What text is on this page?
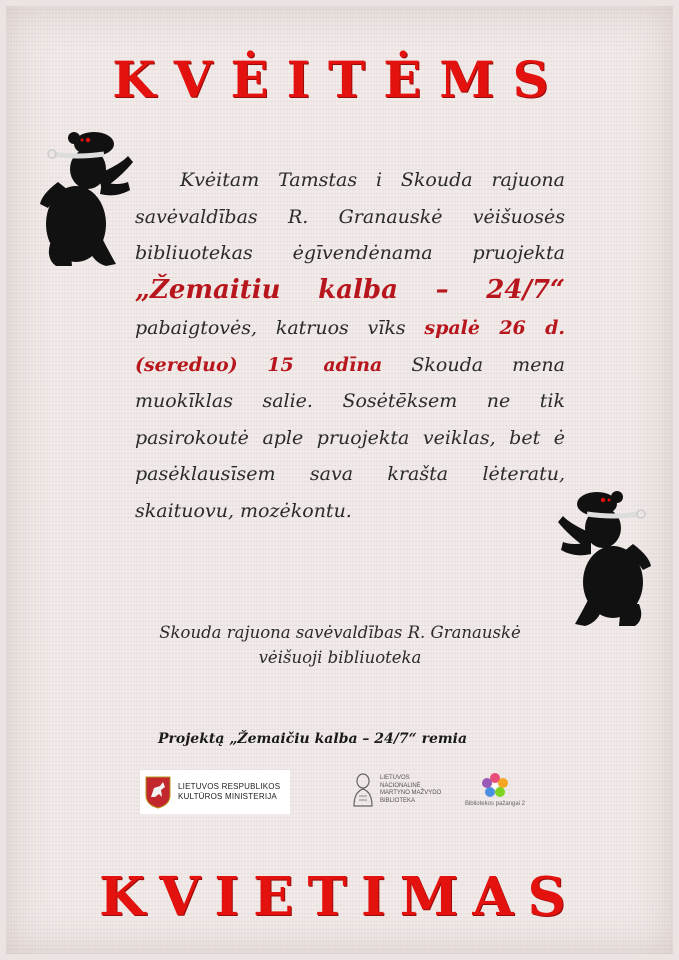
KVĖITĖMS

Kvėitam Tamstas i Skouda rajuona savėvaldības R. Granauskė vėišuosės bibliuotekas ėgīvendėnama pruojekta „Žemaitiu kalba – 24/7“ pabaigtovės, katruos vīks spalė 26 d. (sereduo) 15 adīna Skouda mena muokīklas salie. Sosėtēksem ne tik pasirokoutė aple pruojekta veiklas, bet ė pasėklausīsem sava krašta lėteratu, skaituovu, mozėkontu.

Skouda rajuona savėvaldības R. Granauskė
vėišuoji bibliuoteka
Projektą „Žemaičiu kalba – 24/7“ remia
LIETUVOS RESPUBLIKOS
KULTŪROS MINISTERIJA
LIETUVOS
NACIONALINĖ
MARTYNO MAŽVYDO
BIBLIOTEKA
Bibliotekos pažangai 2
KVIETIMAS
